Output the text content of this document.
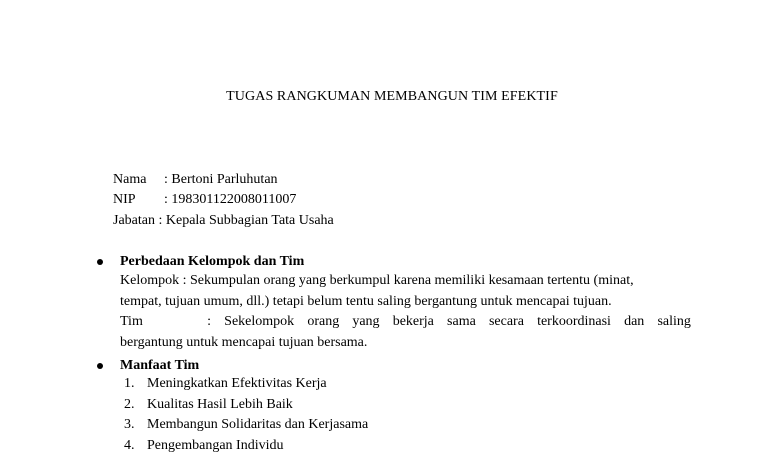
TUGAS RANGKUMAN MEMBANGUN TIM EFEKTIF

Nama : Bertoni Parluhutan

NIP : 198301122008011007

Jabatan : Kepala Subbagian Tata Usaha

Perbedaan Kelompok dan Tim
Kelompok : Sekumpulan orang yang berkumpul karena memiliki kesamaan tertentu (minat,
tempat, tujuan umum, dll.) tetapi belum tentu saling bergantung untuk mencapai tujuan.
Tim	: Sekelompok orang yang bekerja sama secara terkoordinasi dan saling
bergantung untuk mencapai tujuan bersama.
Manfaat Tim
1. Meningkatkan Efektivitas Kerja
2. Kualitas Hasil Lebih Baik
3. Membangun Solidaritas dan Kerjasama
4. Pengembangan Individu
